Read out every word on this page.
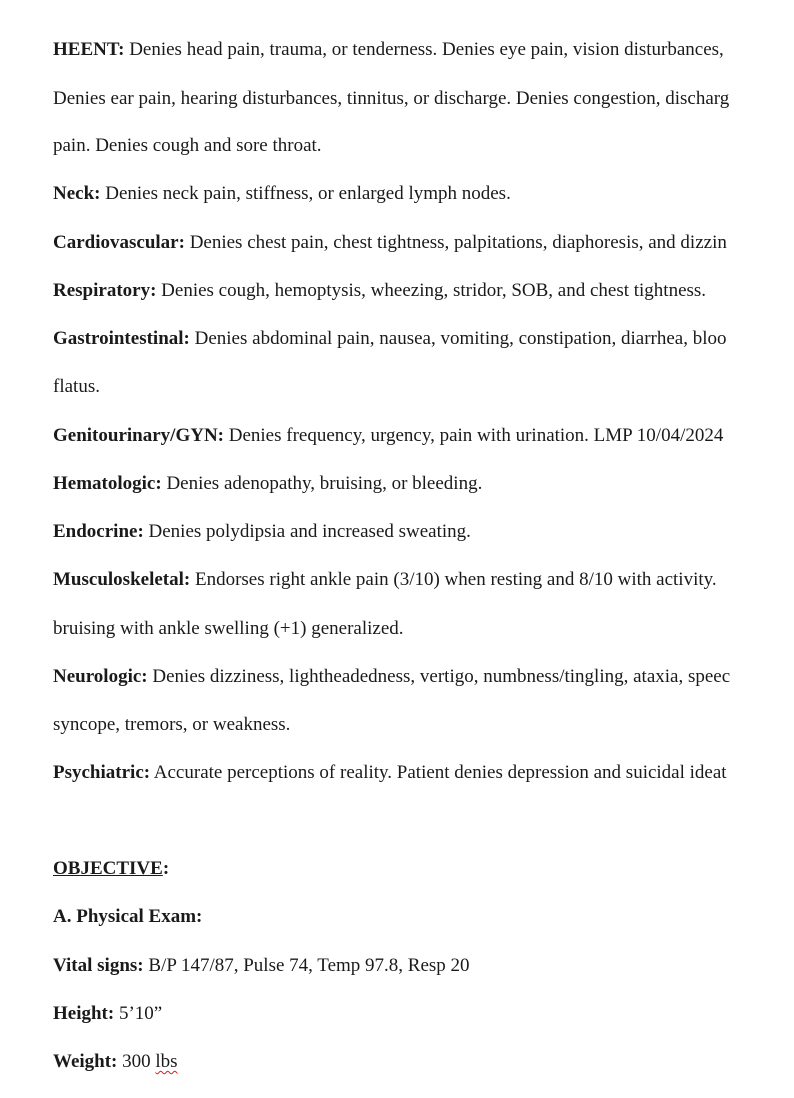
HEENT: Denies head pain, trauma, or tenderness. Denies eye pain, vision disturbances,
Denies ear pain, hearing disturbances, tinnitus, or discharge. Denies congestion, discharg
pain. Denies cough and sore throat.
Neck: Denies neck pain, stiffness, or enlarged lymph nodes.
Cardiovascular: Denies chest pain, chest tightness, palpitations, diaphoresis, and dizzin
Respiratory: Denies cough, hemoptysis, wheezing, stridor, SOB, and chest tightness.
Gastrointestinal: Denies abdominal pain, nausea, vomiting, constipation, diarrhea, bloo
flatus.
Genitourinary/GYN: Denies frequency, urgency, pain with urination. LMP 10/04/2024
Hematologic: Denies adenopathy, bruising, or bleeding.
Endocrine: Denies polydipsia and increased sweating.
Musculoskeletal: Endorses right ankle pain (3/10) when resting and 8/10 with activity.
bruising with ankle swelling (+1) generalized.
Neurologic: Denies dizziness, lightheadedness, vertigo, numbness/tingling, ataxia, speec
syncope, tremors, or weakness.
Psychiatric: Accurate perceptions of reality. Patient denies depression and suicidal ideat
OBJECTIVE:
A. Physical Exam:
Vital signs: B/P 147/87, Pulse 74, Temp 97.8, Resp 20
Height: 5’10”
Weight: 300 lbs
